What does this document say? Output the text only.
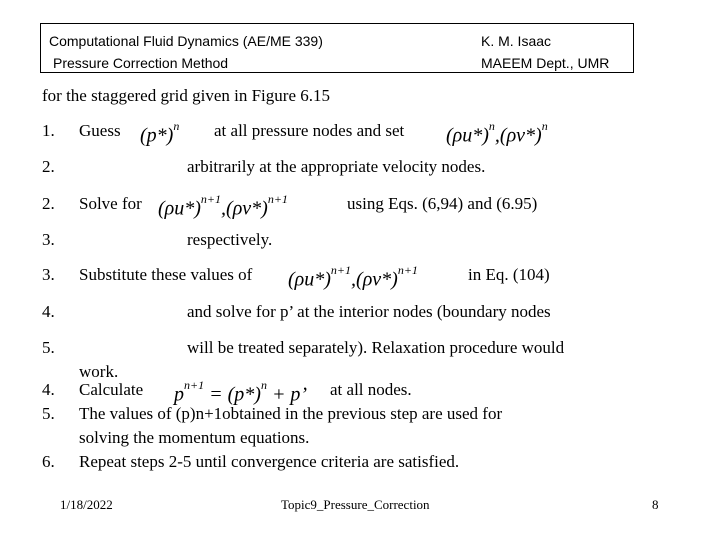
Computational Fluid Dynamics (AE/ME 339)
Pressure Correction Method
K. M. Isaac
MAEEM Dept., UMR
for the staggered grid given in Figure 6.15
1. Guess $(p*)^n$ at all pressure nodes and set $(\rho u*)^n,(\rho v*)^n$
2.	arbitrarily at the appropriate velocity nodes.
2. Solve for $(\rho u*)^{n+1},(\rho v*)^{n+1}$	using Eqs. (6,94) and (6.95)
3.	respectively.
3. Substitute these values of $(\rho u*)^{n+1},(\rho v*)^{n+1}$	in Eq. (104)
4.	and solve for p’ at the interior nodes (boundary nodes
5.	will be treated separately). Relaxation procedure would
work.
4. Calculate $p^{n+1} = (p*)^n + p$’ at all nodes.
5. The values of (p)n+1obtained in the previous step are used for
solving the momentum equations.
6. Repeat steps 2-5 until convergence criteria are satisfied.
1/18/2022	Topic9_Pressure_Correction	8
